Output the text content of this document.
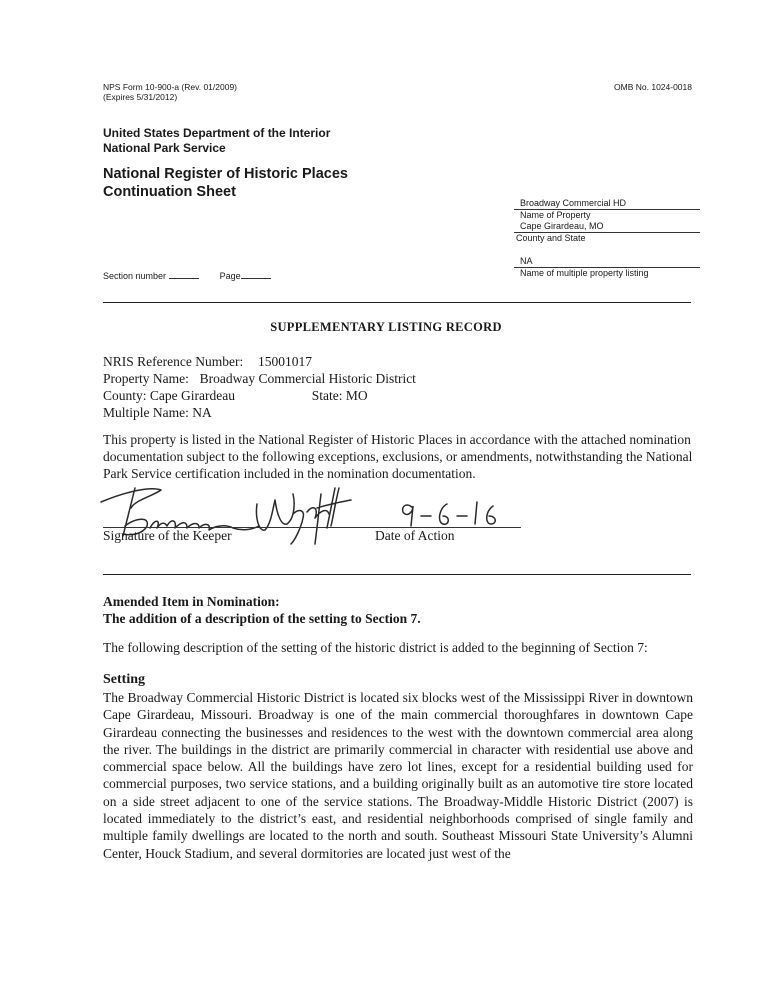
NPS Form 10-900-a (Rev. 01/2009)
(Expires 5/31/2012)
OMB No. 1024-0018
United States Department of the Interior
National Park Service
National Register of Historic Places
Continuation Sheet
Broadway Commercial HD
Name of Property
Cape Girardeau, MO
County and State
NA
Name of multiple property listing
Section number	Page
SUPPLEMENTARY LISTING RECORD
NRIS Reference Number: 15001017
Property Name: Broadway Commercial Historic District
County: Cape Girardeau	State: MO
Multiple Name: NA
This property is listed in the National Register of Historic Places in accordance with the attached nomination documentation subject to the following exceptions, exclusions, or amendments, notwithstanding the National Park Service certification included in the nomination documentation.
Signature of the Keeper	Date of Action
Amended Item in Nomination:
The addition of a description of the setting to Section 7.
The following description of the setting of the historic district is added to the beginning of Section 7:
Setting
The Broadway Commercial Historic District is located six blocks west of the Mississippi River in downtown Cape Girardeau, Missouri. Broadway is one of the main commercial thoroughfares in downtown Cape Girardeau connecting the businesses and residences to the west with the downtown commercial area along the river. The buildings in the district are primarily commercial in character with residential use above and commercial space below. All the buildings have zero lot lines, except for a residential building used for commercial purposes, two service stations, and a building originally built as an automotive tire store located on a side street adjacent to one of the service stations. The Broadway-Middle Historic District (2007) is located immediately to the district’s east, and residential neighborhoods comprised of single family and multiple family dwellings are located to the north and south. Southeast Missouri State University’s Alumni Center, Houck Stadium, and several dormitories are located just west of the
